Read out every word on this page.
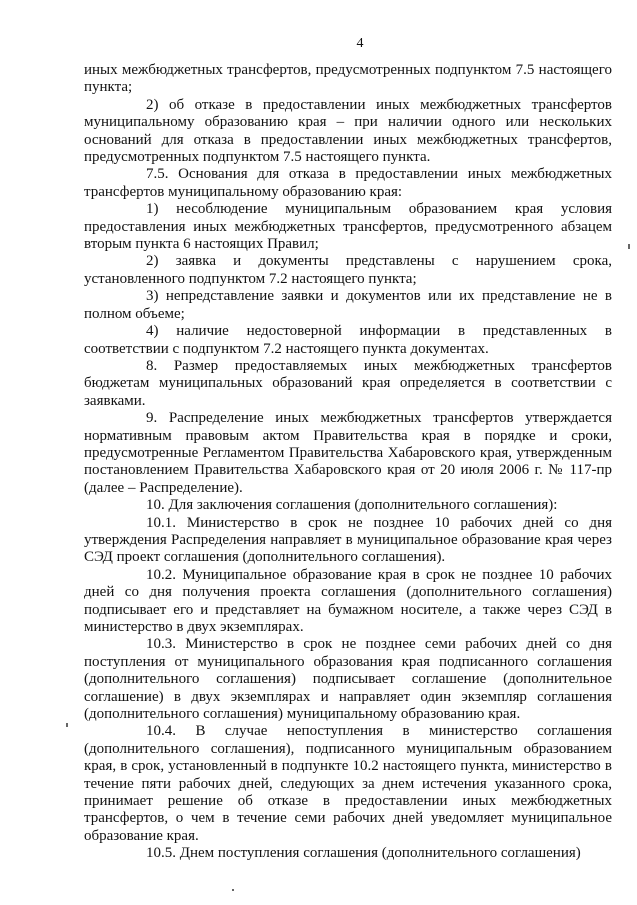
4

иных межбюджетных трансфертов, предусмотренных подпунктом 7.5 настоящего пункта;

2) об отказе в предоставлении иных межбюджетных трансфертов муниципальному образованию края – при наличии одного или нескольких оснований для отказа в предоставлении иных межбюджетных трансфертов, предусмотренных подпунктом 7.5 настоящего пункта.

7.5. Основания для отказа в предоставлении иных межбюджетных трансфертов муниципальному образованию края:

1) несоблюдение муниципальным образованием края условия предоставления иных межбюджетных трансфертов, предусмотренного абзацем вторым пункта 6 настоящих Правил;

2) заявка и документы представлены с нарушением срока, установленного подпунктом 7.2 настоящего пункта;

3) непредставление заявки и документов или их представление не в полном объеме;

4) наличие недостоверной информации в представленных в соответствии с подпунктом 7.2 настоящего пункта документах.

8. Размер предоставляемых иных межбюджетных трансфертов бюджетам муниципальных образований края определяется в соответствии с заявками.

9. Распределение иных межбюджетных трансфертов утверждается нормативным правовым актом Правительства края в порядке и сроки, предусмотренные Регламентом Правительства Хабаровского края, утвержденным постановлением Правительства Хабаровского края от 20 июля 2006 г. № 117-пр (далее – Распределение).

10. Для заключения соглашения (дополнительного соглашения):

10.1. Министерство в срок не позднее 10 рабочих дней со дня утверждения Распределения направляет в муниципальное образование края через СЭД проект соглашения (дополнительного соглашения).

10.2. Муниципальное образование края в срок не позднее 10 рабочих дней со дня получения проекта соглашения (дополнительного соглашения) подписывает его и представляет на бумажном носителе, а также через СЭД в министерство в двух экземплярах.

10.3. Министерство в срок не позднее семи рабочих дней со дня поступления от муниципального образования края подписанного соглашения (дополнительного соглашения) подписывает соглашение (дополнительное соглашение) в двух экземплярах и направляет один экземпляр соглашения (дополнительного соглашения) муниципальному образованию края.

10.4. В случае непоступления в министерство соглашения (дополнительного соглашения), подписанного муниципальным образованием края, в срок, установленный в подпункте 10.2 настоящего пункта, министерство в течение пяти рабочих дней, следующих за днем истечения указанного срока, принимает решение об отказе в предоставлении иных межбюджетных трансфертов, о чем в течение семи рабочих дней уведомляет муниципальное образование края.

10.5. Днем поступления соглашения (дополнительного соглашения)
